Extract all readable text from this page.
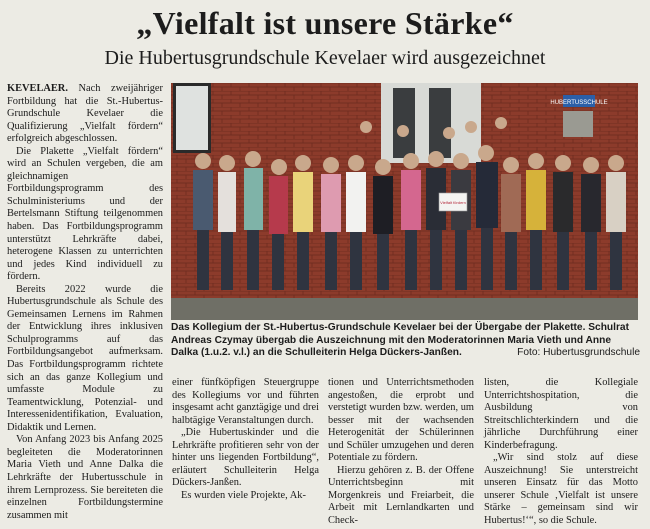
„Vielfalt ist unsere Stärke“
Die Hubertusgrundschule Kevelaer wird ausgezeichnet

KEVELAER. Nach zweijähriger Fortbildung hat die St.-Hubertus-Grundschule Kevelaer die Qualifizierung „Vielfalt fördern“ erfolgreich abgeschlossen.

Die Plakette „Vielfalt fördern“ wird an Schulen vergeben, die am gleichnamigen Fortbildungsprogramm des Schulministeriums und der Bertelsmann Stiftung teilgenommen haben. Das Fortbildungsprogramm unterstützt Lehrkräfte dabei, heterogene Klassen zu unterrichten und jedes Kind individuell zu fördern.

Bereits 2022 wurde die Hubertusgrundschule als Schule des Gemeinsamen Lernens im Rahmen der Entwicklung ihres inklusiven Schulprogramms auf das Fortbildungsangebot aufmerksam. Das Fortbildungsprogramm richtete sich an das ganze Kollegium und umfasste Module zu Teamentwicklung, Potenzial- und Interessenidentifikation, Evaluation, Didaktik und Lernen.

Von Anfang 2023 bis Anfang 2025 begleiteten die Moderatorinnen Maria Vieth und Anne Dalka die Lehrkräfte der Hubertusschule in ihrem Lernprozess. Sie bereiteten die einzelnen Fortbildungstermine zusammen mit

HUBERTUSSCHULE
Vielfalt fördern
Das Kollegium der St.-Hubertus-Grundschule Kevelaer bei der Übergabe der Plakette. Schulrat Andreas Czymay übergab die Auszeichnung mit den Moderatorinnen Maria Vieth und Anne Dalka (1.u.2. v.l.) an die Schulleiterin Helga Dückers-Janßen.	Foto: Hubertusgrundschule

einer fünfköpfigen Steuergruppe des Kollegiums vor und führten insgesamt acht ganztägige und drei halbtägige Veranstaltungen durch.

„Die Hubertuskinder und die Lehrkräfte profitieren sehr von der hinter uns liegenden Fortbildung“, erläutert Schulleiterin Helga Dückers-Janßen.

Es wurden viele Projekte, Ak-

tionen und Unterrichtsmethoden angestoßen, die erprobt und verstetigt wurden bzw. werden, um besser mit der wachsenden Heterogenität der Schülerinnen und Schüler umzugehen und deren Potentiale zu fördern.

Hierzu gehören z. B. der Offene Unterrichtsbeginn mit Morgenkreis und Freiarbeit, die Arbeit mit Lernlandkarten und Check-

listen, die Kollegiale Unterrichtshospitation, die Ausbildung von Streitschlichterkindern und die jährliche Durchführung einer Kinderbefragung.

„Wir sind stolz auf diese Auszeichnung! Sie unterstreicht unseren Einsatz für das Motto unserer Schule ‚Vielfalt ist unsere Stärke – gemeinsam sind wir Hubertus!‘“, so die Schule.
